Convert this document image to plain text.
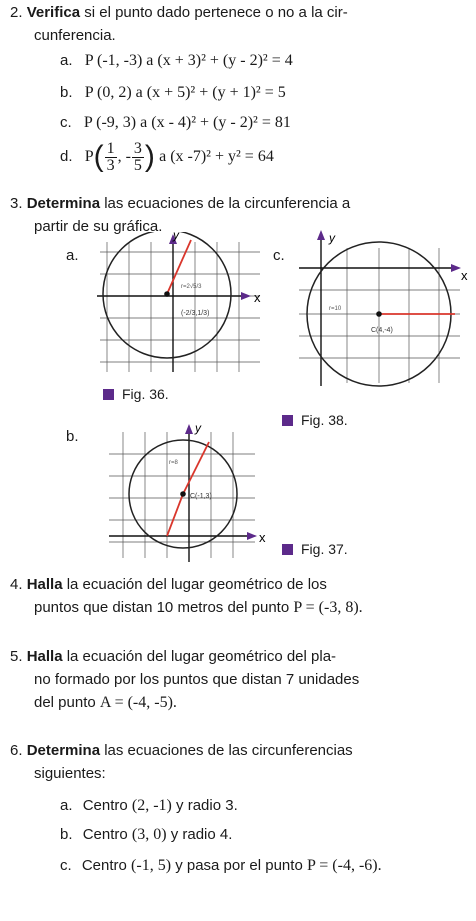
2. Verifica si el punto dado pertenece o no a la cir-
cunferencia.
a. P (-1, -3) a (x + 3)² + (y - 2)² = 4
b. P (0, 2) a (x + 5)² + (y + 1)² = 5
c. P (-9, 3) a (x - 4)² + (y - 2)² = 81
d. $P( \frac{1}{3}$ , - $\frac{3}{5}$ ) a (x -7)² + y² = 64
3. Determina las ecuaciones de la circunferencia a
partir de su gráfica.
a.
y
x
r=2√5/3
(-2/3,1/3)
c.
y
x
r=10
C(4,-4)
Fig. 36.
Fig. 38.
b.	y
x
r=8
C(-1,3)
Fig. 37.
4. Halla la ecuación del lugar geométrico de los
puntos que distan 10 metros del punto P = (-3, 8).
5. Halla la ecuación del lugar geométrico del pla-
no formado por los puntos que distan 7 unidades
del punto A = (-4, -5).
6. Determina las ecuaciones de las circunferencias
siguientes:
a. Centro (2, -1) y radio 3.
b. Centro (3, 0) y radio 4.
c. Centro (-1, 5) y pasa por el punto P = (-4, -6).
